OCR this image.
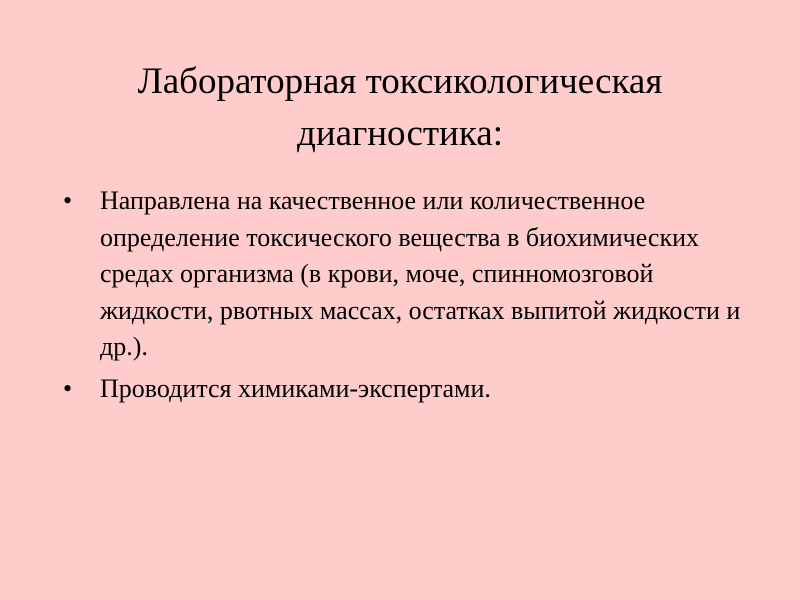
Лабораторная токсикологическая диагностика:
• Направлена на качественное или количественное определение токсического вещества в биохимических средах организма (в крови, моче, спинномозговой жидкости, рвотных массах, остатках выпитой жидкости и др.).
• Проводится химиками-экспертами.
